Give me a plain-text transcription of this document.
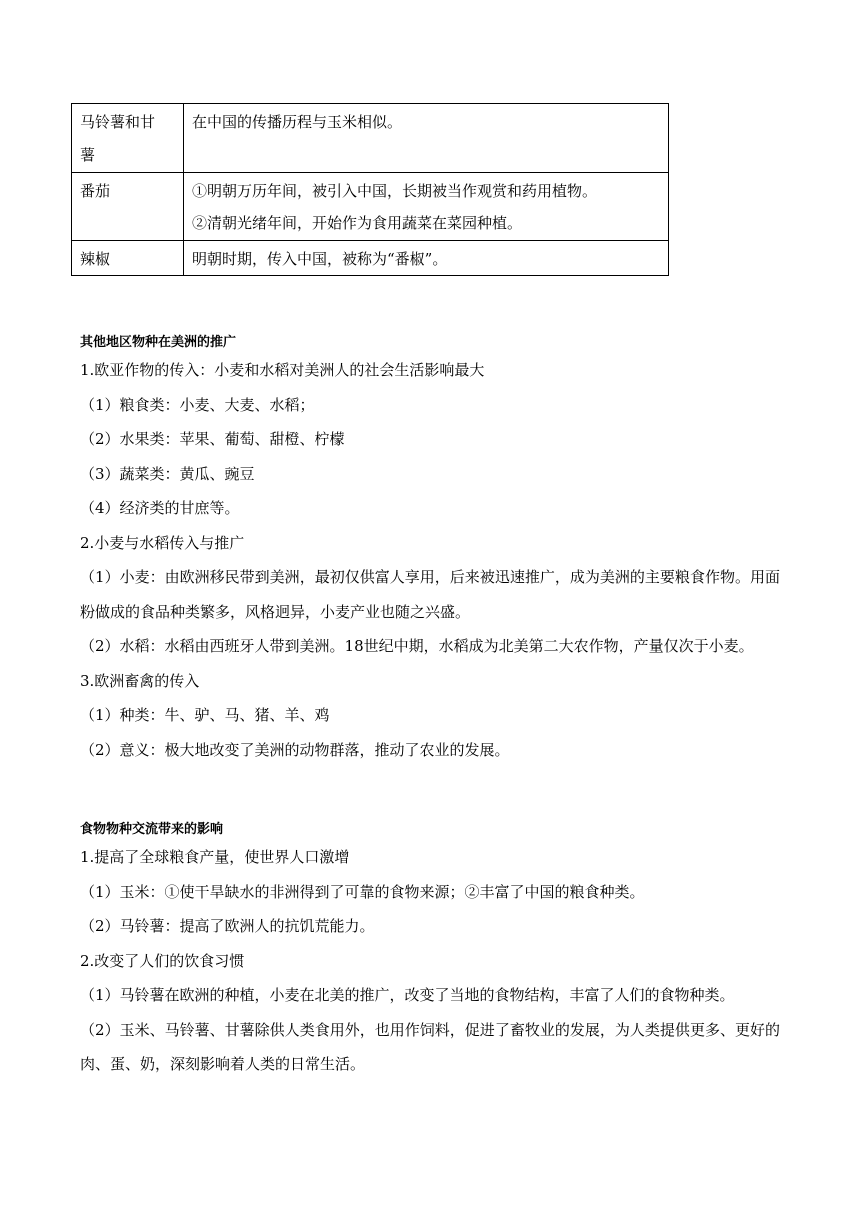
马铃薯和甘
薯	在中国的传播历程与玉米相似。

番茄	①明朝万历年间，被引入中国，长期被当作观赏和药用植物。
②清朝光绪年间，开始作为食用蔬菜在菜园种植。

辣椒	明朝时期，传入中国，被称为“番椒”。
其他地区物种在美洲的推广

1.欧亚作物的传入：小麦和水稻对美洲人的社会生活影响最大

（1）粮食类：小麦、大麦、水稻；

（2）水果类：苹果、葡萄、甜橙、柠檬

（3）蔬菜类：黄瓜、豌豆

（4）经济类的甘庶等。

2.小麦与水稻传入与推广

（1）小麦：由欧洲移民带到美洲，最初仅供富人享用，后来被迅速推广，成为美洲的主要粮食作物。用面粉做成的食品种类繁多，风格迥异，小麦产业也随之兴盛。

（2）水稻：水稻由西班牙人带到美洲。18世纪中期，水稻成为北美第二大农作物，产量仅次于小麦。

3.欧洲畜禽的传入

（1）种类：牛、驴、马、猪、羊、鸡

（2）意义：极大地改变了美洲的动物群落，推动了农业的发展。

食物物种交流带来的影响

1.提高了全球粮食产量，使世界人口激增

（1）玉米：①使干旱缺水的非洲得到了可靠的食物来源；②丰富了中国的粮食种类。

（2）马铃薯：提高了欧洲人的抗饥荒能力。

2.改变了人们的饮食习惯

（1）马铃薯在欧洲的种植，小麦在北美的推广，改变了当地的食物结构，丰富了人们的食物种类。

（2）玉米、马铃薯、甘薯除供人类食用外，也用作饲料，促进了畜牧业的发展，为人类提供更多、更好的肉、蛋、奶，深刻影响着人类的日常生活。
